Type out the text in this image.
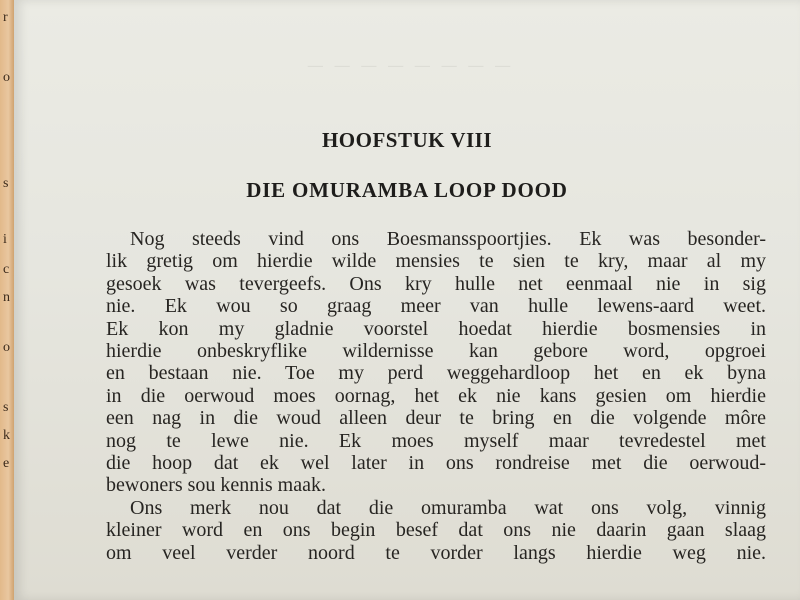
r
o
s
i
c
n
o
s
k
e
— — — — — — — —
HOOFSTUK VIII
DIE OMURAMBA LOOP DOOD
Nog steeds vind ons Boesmansspoortjies. Ek was besonder-
lik gretig om hierdie wilde mensies te sien te kry, maar al my
gesoek was tevergeefs. Ons kry hulle net eenmaal nie in sig
nie. Ek wou so graag meer van hulle lewens-aard weet.
Ek kon my gladnie voorstel hoedat hierdie bosmensies in
hierdie onbeskryflike wildernisse kan gebore word, opgroei
en bestaan nie. Toe my perd weggehardloop het en ek byna
in die oerwoud moes oornag, het ek nie kans gesien om hierdie
een nag in die woud alleen deur te bring en die volgende môre
nog te lewe nie. Ek moes myself maar tevredestel met
die hoop dat ek wel later in ons rondreise met die oerwoud-
bewoners sou kennis maak.
Ons merk nou dat die omuramba wat ons volg, vinnig
kleiner word en ons begin besef dat ons nie daarin gaan slaag
om veel verder noord te vorder langs hierdie weg nie.
